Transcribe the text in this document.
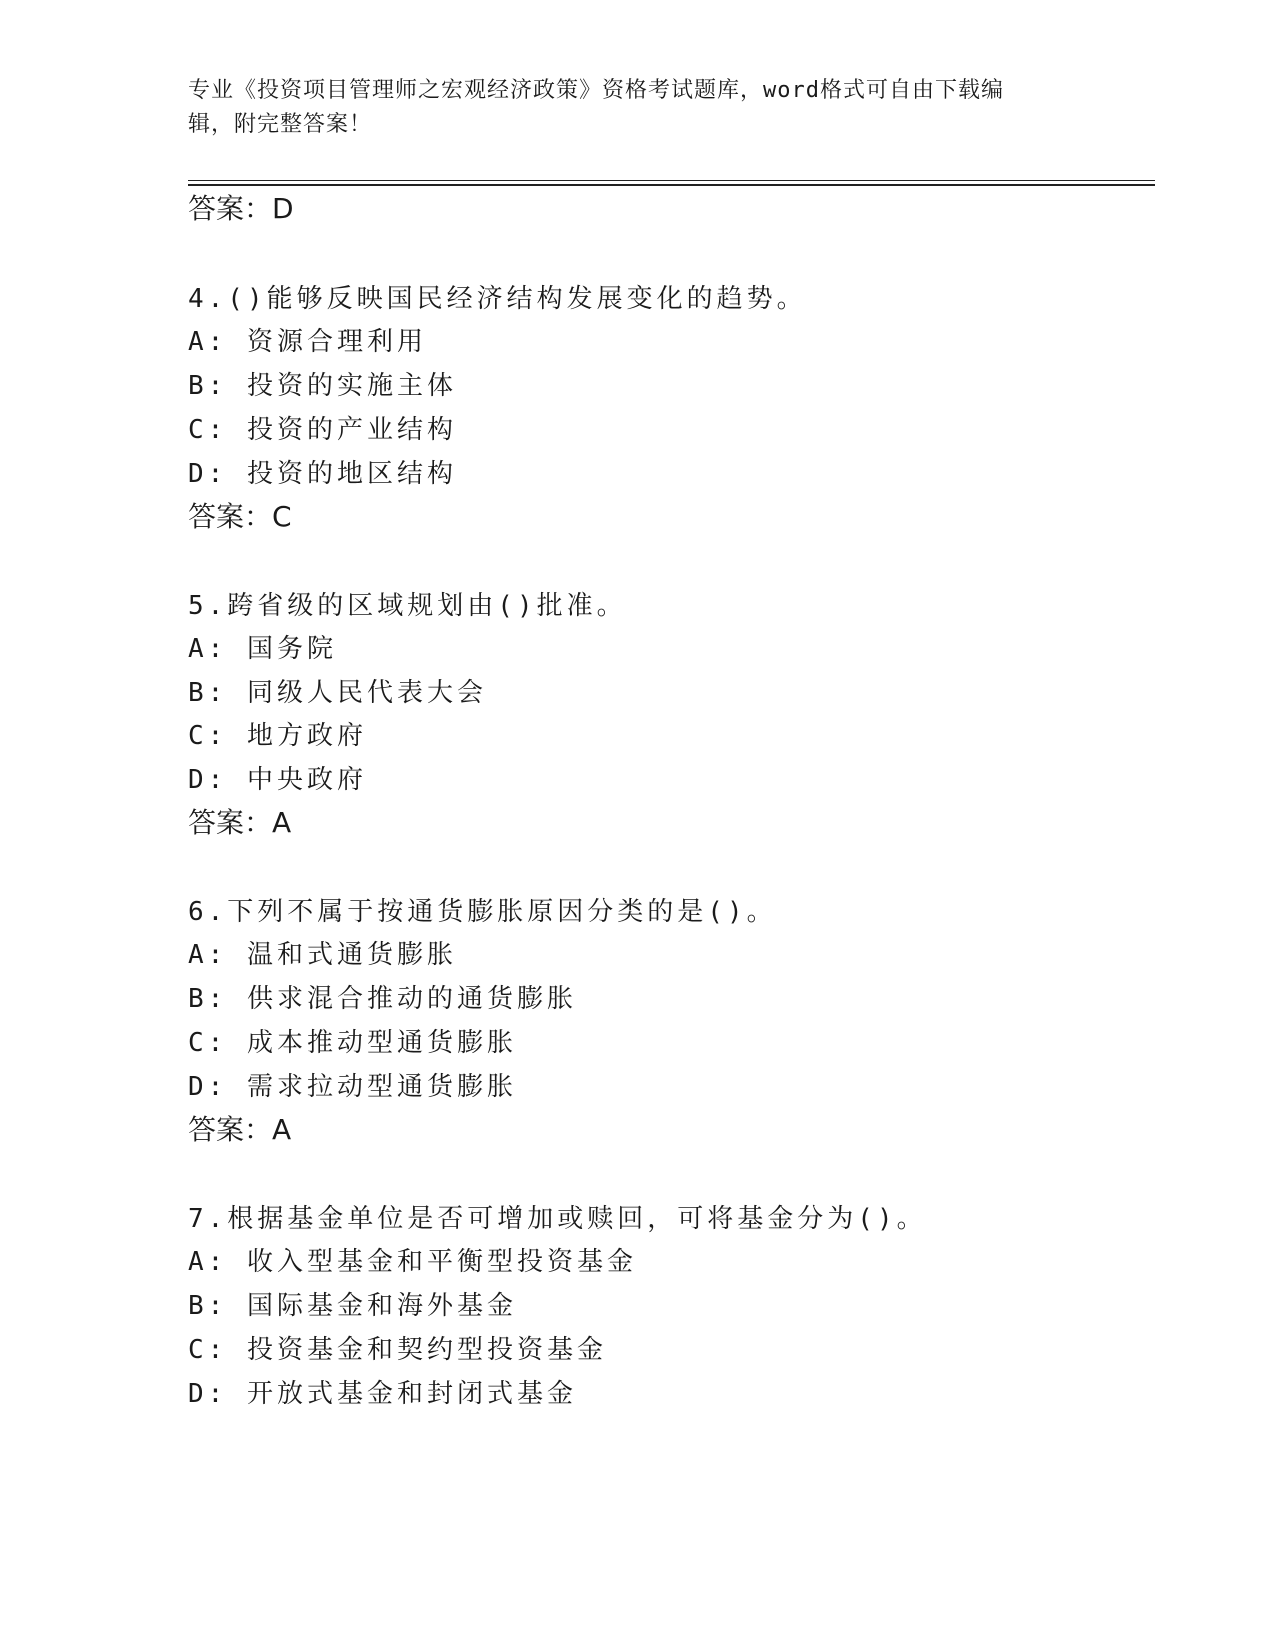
专业《投资项目管理师之宏观经济政策》资格考试题库，word格式可自由下载编
辑，附完整答案！

答案：D

4.()能够反映国民经济结构发展变化的趋势。

A: 资源合理利用

B: 投资的实施主体

C: 投资的产业结构

D: 投资的地区结构

答案：C

5.跨省级的区域规划由()批准。

A: 国务院

B: 同级人民代表大会

C: 地方政府

D: 中央政府

答案：A

6.下列不属于按通货膨胀原因分类的是()。

A: 温和式通货膨胀

B: 供求混合推动的通货膨胀

C: 成本推动型通货膨胀

D: 需求拉动型通货膨胀

答案：A

7.根据基金单位是否可增加或赎回，可将基金分为()。

A: 收入型基金和平衡型投资基金

B: 国际基金和海外基金

C: 投资基金和契约型投资基金

D: 开放式基金和封闭式基金
